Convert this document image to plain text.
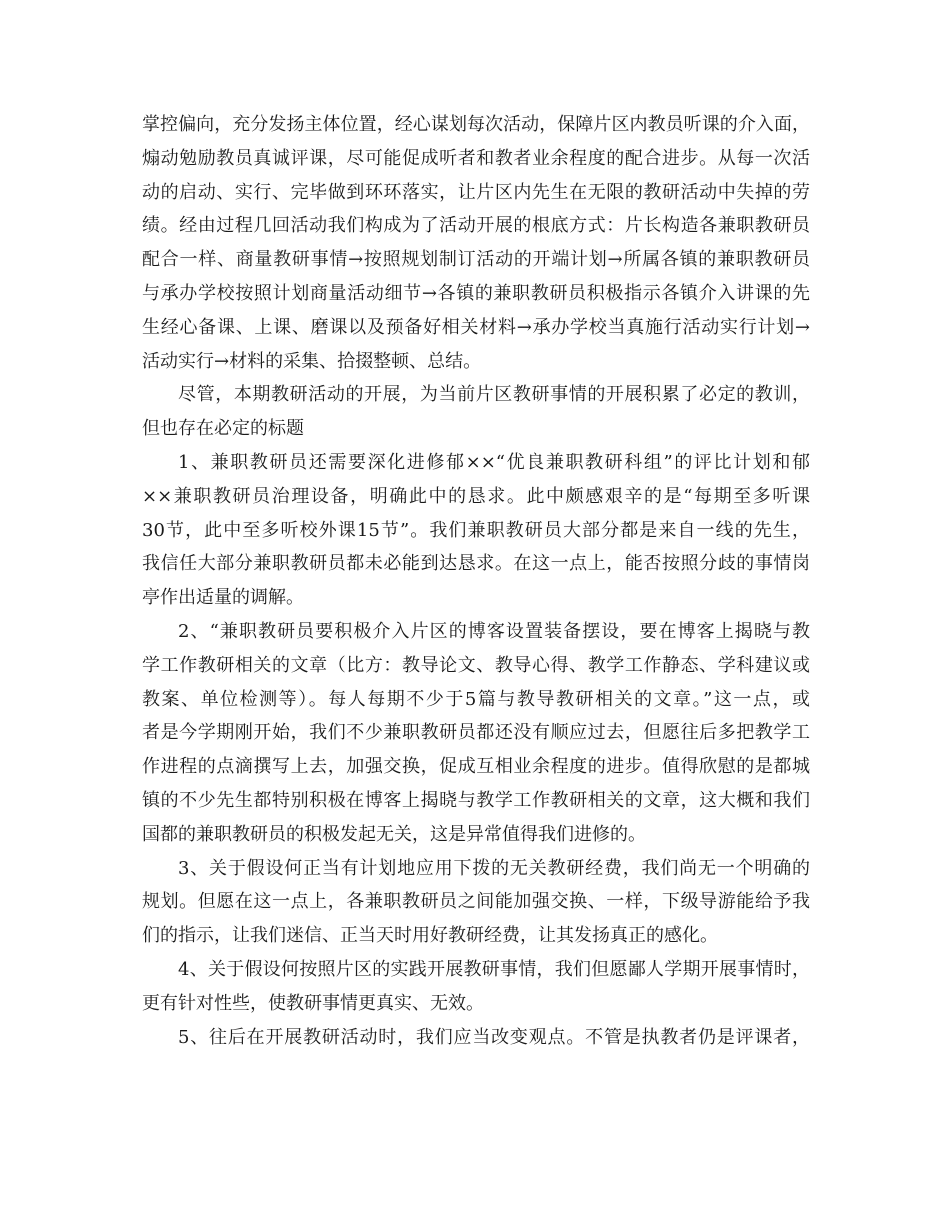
掌控偏向，充分发扬主体位置，经心谋划每次活动，保障片区内教员听课的介入面，
煽动勉励教员真诚评课，尽可能促成听者和教者业余程度的配合进步。从每一次活
动的启动、实行、完毕做到环环落实，让片区内先生在无限的教研活动中失掉的劳
绩。经由过程几回活动我们构成为了活动开展的根底方式：片长构造各兼职教研员
配合一样、商量教研事情→按照规划制订活动的开端计划→所属各镇的兼职教研员
与承办学校按照计划商量活动细节→各镇的兼职教研员积极指示各镇介入讲课的先
生经心备课、上课、磨课以及预备好相关材料→承办学校当真施行活动实行计划→
活动实行→材料的采集、拾掇整顿、总结。
尽管，本期教研活动的开展，为当前片区教研事情的开展积累了必定的教训，
但也存在必定的标题
1、兼职教研员还需要深化进修郁××“优良兼职教研科组”的评比计划和郁
××兼职教研员治理设备，明确此中的恳求。此中颇感艰辛的是“每期至多听课
30节，此中至多听校外课15节”。我们兼职教研员大部分都是来自一线的先生，
我信任大部分兼职教研员都未必能到达恳求。在这一点上，能否按照分歧的事情岗
亭作出适量的调解。
2、“兼职教研员要积极介入片区的博客设置装备摆设，要在博客上揭晓与教
学工作教研相关的文章（比方：教导论文、教导心得、教学工作静态、学科建议或
教案、单位检测等）。每人每期不少于5篇与教导教研相关的文章。”这一点，或
者是今学期刚开始，我们不少兼职教研员都还没有顺应过去，但愿往后多把教学工
作进程的点滴撰写上去，加强交换，促成互相业余程度的进步。值得欣慰的是都城
镇的不少先生都特别积极在博客上揭晓与教学工作教研相关的文章，这大概和我们
国都的兼职教研员的积极发起无关，这是异常值得我们进修的。
3、关于假设何正当有计划地应用下拨的无关教研经费，我们尚无一个明确的
规划。但愿在这一点上，各兼职教研员之间能加强交换、一样，下级导游能给予我
们的指示，让我们迷信、正当天时用好教研经费，让其发扬真正的感化。
4、关于假设何按照片区的实践开展教研事情，我们但愿鄙人学期开展事情时，
更有针对性些，使教研事情更真实、无效。
5、往后在开展教研活动时，我们应当改变观点。不管是执教者仍是评课者，
